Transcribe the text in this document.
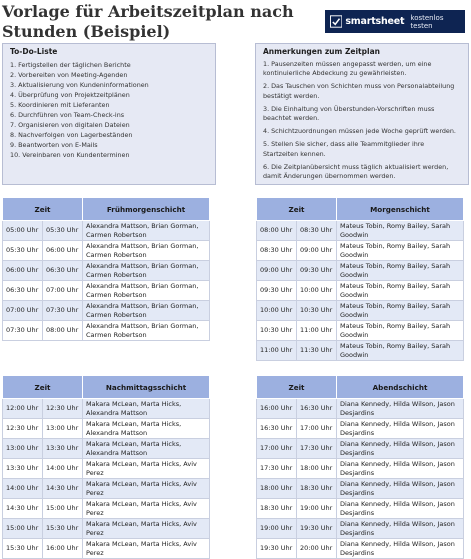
Vorlage für Arbeitszeitplan nach Stunden (Beispiel)
smartsheet kostenlos testen
To-Do-Liste
1. Fertigstellen der täglichen Berichte
2. Vorbereiten von Meeting-Agenden
3. Aktualisierung von Kundeninformationen
4. Überprüfung von Projektzeitplänen
5. Koordinieren mit Lieferanten
6. Durchführen von Team-Check-ins
7. Organisieren von digitalen Dateien
8. Nachverfolgen von Lagerbeständen
9. Beantworten von E-Mails
10. Vereinbaren von Kundenterminen
Anmerkungen zum Zeitplan
1. Pausenzeiten müssen angepasst werden, um eine kontinuierliche Abdeckung zu gewährleisten.
2. Das Tauschen von Schichten muss von Personalabteilung bestätigt werden.
3. Die Einhaltung von Überstunden-Vorschriften muss beachtet werden.
4. Schichtzuordnungen müssen jede Woche geprüft werden.
5. Stellen Sie sicher, dass alle Teammitglieder ihre Startzeiten kennen.
6. Die Zeitplanübersicht muss täglich aktualisiert werden, damit Änderungen übernommen werden.
Zeit		Frühmorgenschicht
05:00 Uhr	05:30 Uhr	Alexandra Mattson, Brian Gorman, Carmen Robertson
05:30 Uhr	06:00 Uhr	Alexandra Mattson, Brian Gorman, Carmen Robertson
06:00 Uhr	06:30 Uhr	Alexandra Mattson, Brian Gorman, Carmen Robertson
06:30 Uhr	07:00 Uhr	Alexandra Mattson, Brian Gorman, Carmen Robertson
07:00 Uhr	07:30 Uhr	Alexandra Mattson, Brian Gorman, Carmen Robertson
07:30 Uhr	08:00 Uhr	Alexandra Mattson, Brian Gorman, Carmen Robertson
Zeit		Morgenschicht
08:00 Uhr	08:30 Uhr	Mateus Tobin, Romy Bailey, Sarah Goodwin
08:30 Uhr	09:00 Uhr	Mateus Tobin, Romy Bailey, Sarah Goodwin
09:00 Uhr	09:30 Uhr	Mateus Tobin, Romy Bailey, Sarah Goodwin
09:30 Uhr	10:00 Uhr	Mateus Tobin, Romy Bailey, Sarah Goodwin
10:00 Uhr	10:30 Uhr	Mateus Tobin, Romy Bailey, Sarah Goodwin
10:30 Uhr	11:00 Uhr	Mateus Tobin, Romy Bailey, Sarah Goodwin
11:00 Uhr	11:30 Uhr	Mateus Tobin, Romy Bailey, Sarah Goodwin
Zeit		Nachmittagsschicht
12:00 Uhr	12:30 Uhr	Makara McLean, Marta Hicks, Alexandra Mattson
12:30 Uhr	13:00 Uhr	Makara McLean, Marta Hicks, Alexandra Mattson
13:00 Uhr	13:30 Uhr	Makara McLean, Marta Hicks, Alexandra Mattson
13:30 Uhr	14:00 Uhr	Makara McLean, Marta Hicks, Aviv Perez
14:00 Uhr	14:30 Uhr	Makara McLean, Marta Hicks, Aviv Perez
14:30 Uhr	15:00 Uhr	Makara McLean, Marta Hicks, Aviv Perez
15:00 Uhr	15:30 Uhr	Makara McLean, Marta Hicks, Aviv Perez
15:30 Uhr	16:00 Uhr	Makara McLean, Marta Hicks, Aviv Perez
Zeit		Abendschicht
16:00 Uhr	16:30 Uhr	Diana Kennedy, Hilda Wilson, Jason Desjardins
16:30 Uhr	17:00 Uhr	Diana Kennedy, Hilda Wilson, Jason Desjardins
17:00 Uhr	17:30 Uhr	Diana Kennedy, Hilda Wilson, Jason Desjardins
17:30 Uhr	18:00 Uhr	Diana Kennedy, Hilda Wilson, Jason Desjardins
18:00 Uhr	18:30 Uhr	Diana Kennedy, Hilda Wilson, Jason Desjardins
18:30 Uhr	19:00 Uhr	Diana Kennedy, Hilda Wilson, Jason Desjardins
19:00 Uhr	19:30 Uhr	Diana Kennedy, Hilda Wilson, Jason Desjardins
19:30 Uhr	20:00 Uhr	Diana Kennedy, Hilda Wilson, Jason Desjardins
